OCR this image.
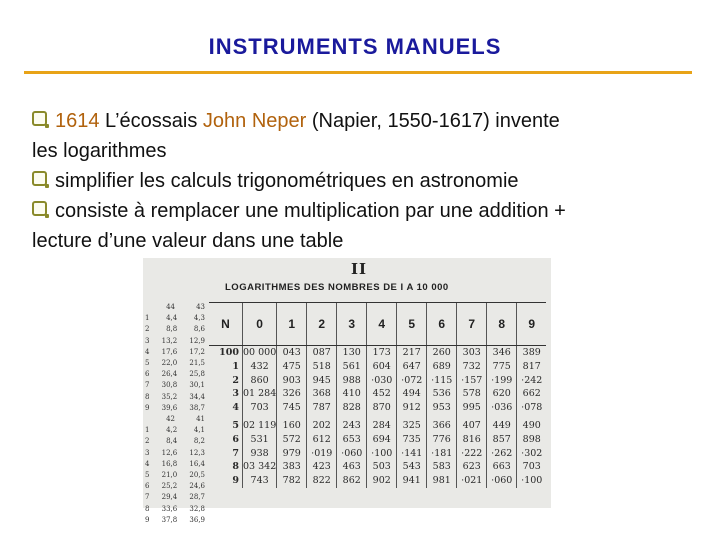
INSTRUMENTS MANUELS
1614 L’écossais John Neper (Napier, 1550-1617) invente
les logarithmes
simplifier les calculs trigonométriques en astronomie
consiste à remplacer une multiplication par une addition +
lecture d’une valeur dans une table
44	43
1 4,4 4,3
2 8,8 8,6
3 13,2 12,9
4 17,6 17,2
5 22,0 21,5
6 26,4 25,8
7 30,8 30,1
8 35,2 34,4
9 39,6 38,7
42	41
1 4,2 4,1
2 8,4 8,2
3 12,6 12,3
4 16,8 16,4
5 21,0 20,5
6 25,2 24,6
7 29,4 28,7
8 33,6 32,8
9 37,8 36,9
II
LOGARITHMES DES NOMBRES DE I A 10 000
N	0	1	2	3	4	5	6	7	8	9
100	00 000	043	087	130	173	217	260	303	346	389
1	432	475	518	561	604	647	689	732	775	817
2	860	903	945	988	·030	·072	·115	·157	·199	·242
3	01 284	326	368	410	452	494	536	578	620	662
4	703	745	787	828	870	912	953	995	·036	·078
5	02 119	160	202	243	284	325	366	407	449	490
6	531	572	612	653	694	735	776	816	857	898
7	938	979	·019	·060	·100	·141	·181	·222	·262	·302
8	03 342	383	423	463	503	543	583	623	663	703
9	743	782	822	862	902	941	981	·021	·060	·100
